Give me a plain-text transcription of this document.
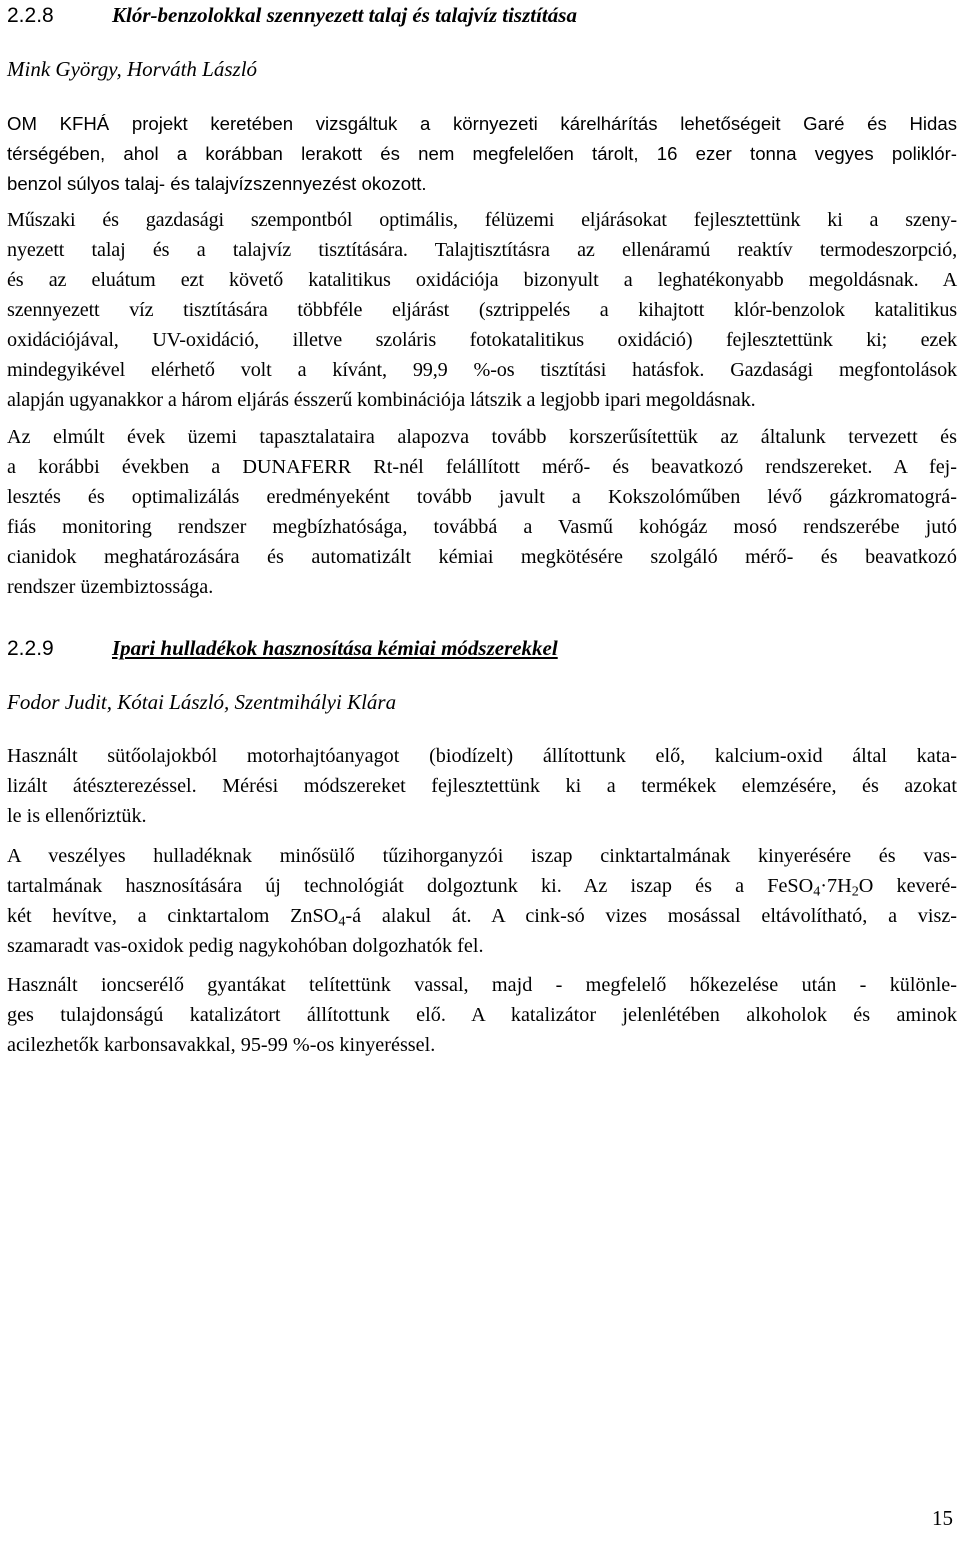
2.2.8	Klór-benzolokkal szennyezett talaj és talajvíz tisztítása
Mink György, Horváth László
OM KFHÁ projekt keretében vizsgáltuk a környezeti kárelhárítás lehetőségeit Garé és Hidas
térségében, ahol a korábban lerakott és nem megfelelően tárolt, 16 ezer tonna vegyes poliklór-
benzol súlyos talaj- és talajvízszennyezést okozott.
Műszaki és gazdasági szempontból optimális, félüzemi eljárásokat fejlesztettünk ki a szeny-
nyezett talaj és a talajvíz tisztítására. Talajtisztításra az ellenáramú reaktív termodeszorpció,
és az eluátum ezt követő katalitikus oxidációja bizonyult a leghatékonyabb megoldásnak. A
szennyezett víz tisztítására többféle eljárást (sztrippelés a kihajtott klór-benzolok katalitikus
oxidációjával, UV-oxidáció, illetve szoláris fotokatalitikus oxidáció) fejlesztettünk ki; ezek
mindegyikével elérhető volt a kívánt, 99,9 %-os tisztítási hatásfok. Gazdasági megfontolások
alapján ugyanakkor a három eljárás ésszerű kombinációja látszik a legjobb ipari megoldásnak.
Az elmúlt évek üzemi tapasztalataira alapozva tovább korszerűsítettük az általunk tervezett és
a korábbi években a DUNAFERR Rt-nél felállított mérő- és beavatkozó rendszereket. A fej-
lesztés és optimalizálás eredményeként tovább javult a Kokszolóműben lévő gázkromatográ-
fiás monitoring rendszer megbízhatósága, továbbá a Vasmű kohógáz mosó rendszerébe jutó
cianidok meghatározására és automatizált kémiai megkötésére szolgáló mérő- és beavatkozó
rendszer üzembiztossága.
2.2.9	Ipari hulladékok hasznosítása kémiai módszerekkel
Fodor Judit, Kótai László, Szentmihályi Klára
Használt sütőolajokból motorhajtóanyagot (biodízelt) állítottunk elő, kalcium-oxid által kata-
lizált átészterezéssel. Mérési módszereket fejlesztettünk ki a termékek elemzésére, és azokat
le is ellenőriztük.
A veszélyes hulladéknak minősülő tűzihorganyzói iszap cinktartalmának kinyerésére és vas-
tartalmának hasznosítására új technológiát dolgoztunk ki. Az iszap és a $FeSO_4\cdot 7H_2O$ keveré-
két hevítve, a cinktartalom ZnSO$_4$-á alakul át. A cink-só vizes mosással eltávolítható, a visz-
szamaradt vas-oxidok pedig nagykohóban dolgozhatók fel.
Használt ioncserélő gyantákat telítettünk vassal, majd - megfelelő hőkezelése után - különle-
ges tulajdonságú katalizátort állítottunk elő. A katalizátor jelenlétében alkoholok és aminok
acilezhetők karbonsavakkal, 95-99 %-os kinyeréssel.
15
